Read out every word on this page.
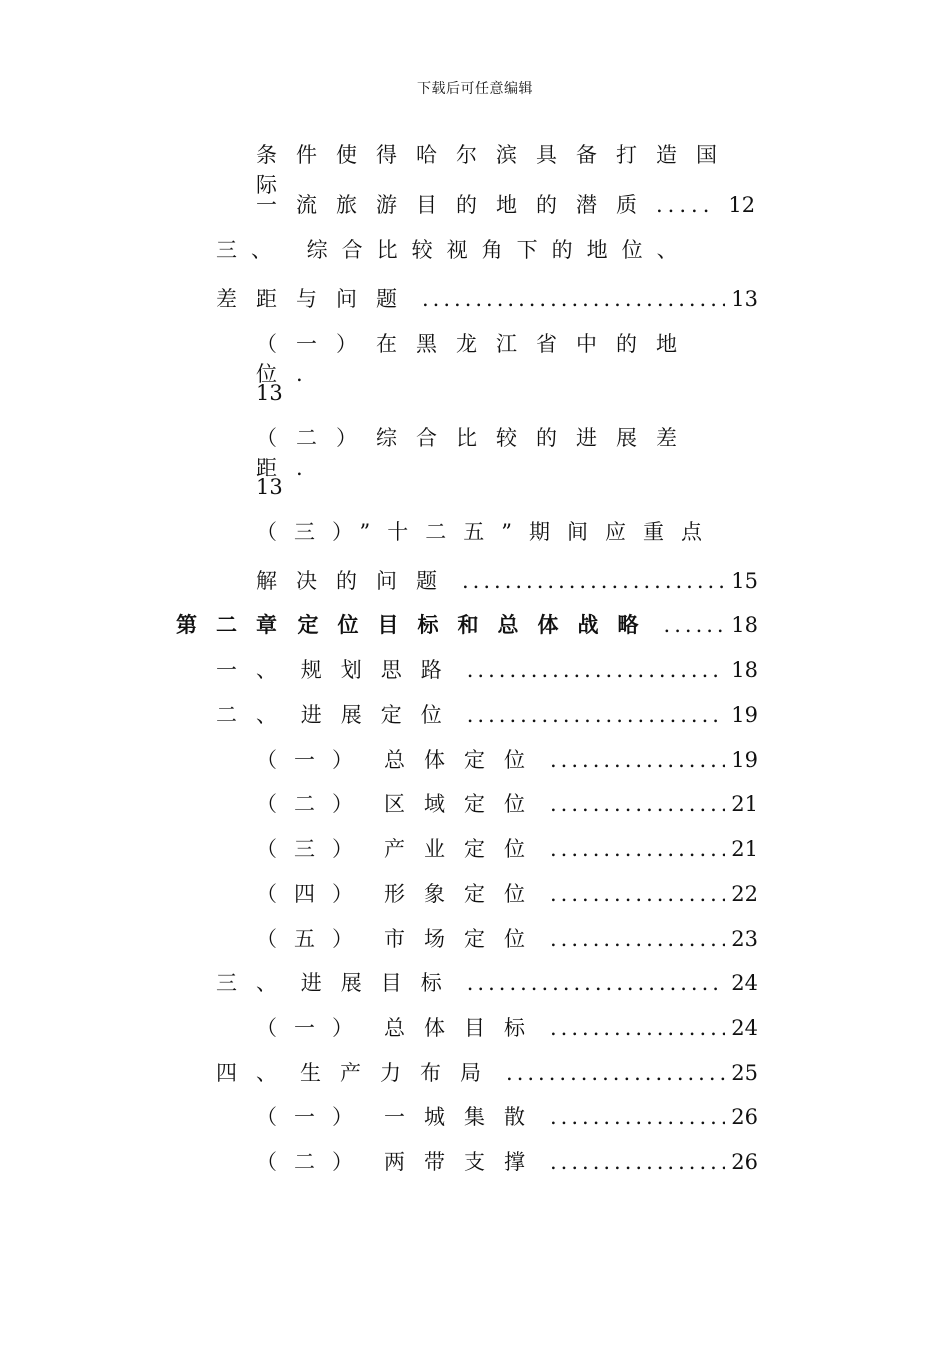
下载后可任意编辑
条件使得哈尔滨具备打造国际
一流旅游目的地的潜质 ..... 12
三、 综合比较视角下的地位、
差距与问题 .....	13
（一）在黑龙江省中的地位.
13
（二）综合比较的进展差距.
13
（三）”十二五”期间应重点
解决的问题 .....	15
第二章 定位目标和总体战略 .....	18
一、 规划思路 .....	18
二、 进展定位 .....	19
（一） 总体定位 .....	19
（二） 区域定位 .....	21
（三） 产业定位 .....	21
（四） 形象定位 .....	22
（五） 市场定位 .....	23
三、 进展目标 .....	24
（一） 总体目标 .....	24
四、 生产力布局 .....	25
（一） 一城集散 .....	26
（二） 两带支撑 .....	26
